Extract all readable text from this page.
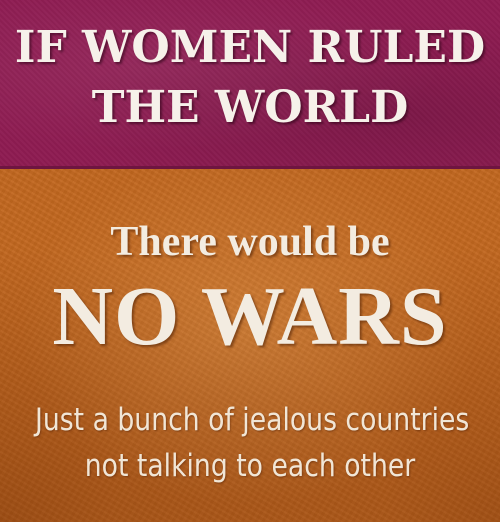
IF WOMEN RULED

THE WORLD

There would be

NO WARS

Just a bunch of jealous countries

not talking to each other
